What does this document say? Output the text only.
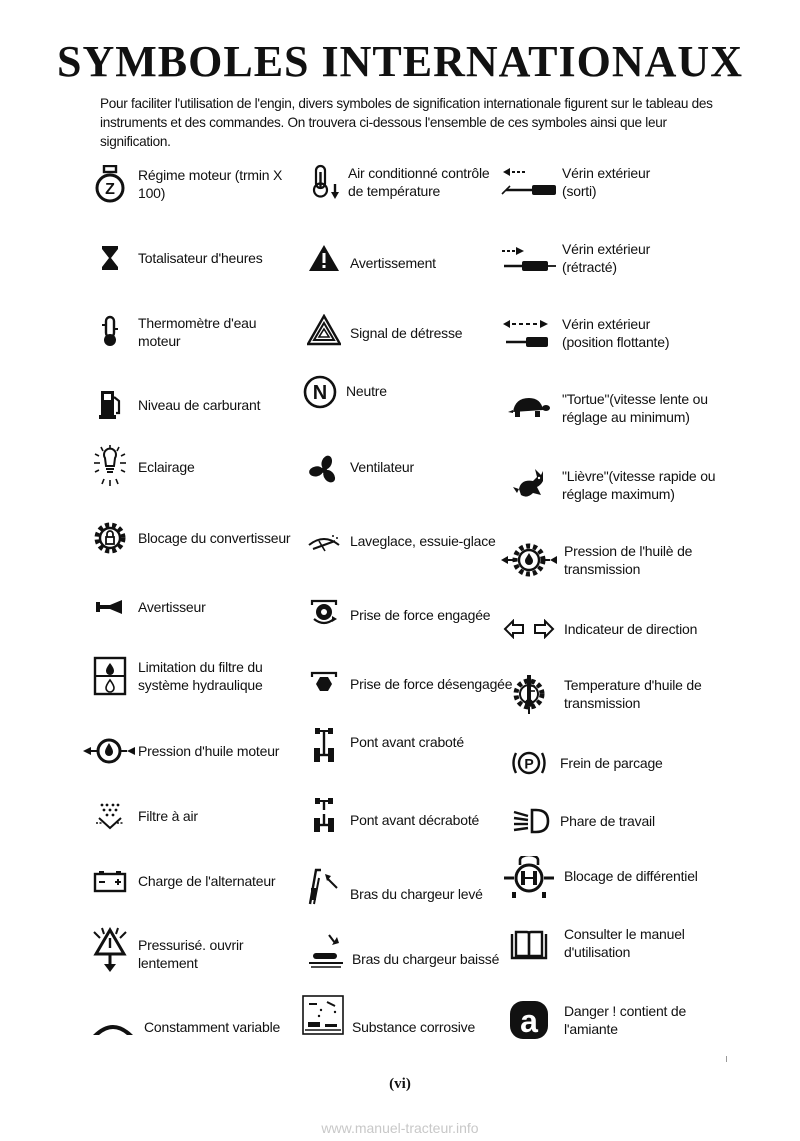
SYMBOLES INTERNATIONAUX

Pour faciliter l'utilisation de l'engin, divers symboles de signification internationale figurent sur le tableau des instruments et des commandes. On trouvera ci-dessous l'ensemble de ces symboles ainsi que leur signification.

Z
Régime moteur (trmin X 100)
Totalisateur d'heures
Thermomètre d'eau moteur
Niveau de carburant
Eclairage
Blocage du convertisseur
Avertisseur
Limitation du filtre du système hydraulique
Pression d'huile moteur
Filtre à air
Charge de l'alternateur
Pressurisé. ouvrir lentement
Constamment variable
Air conditionné contrôle de température
Avertissement
Signal de détresse
N Neutre
Ventilateur
Laveglace, essuie-glace
Prise de force engagée
Prise de force désengagée
Pont avant craboté
Pont avant décraboté
Bras du chargeur levé
Bras du chargeur baissé
Substance corrosive
Vérin extérieur (sorti)
Vérin extérieur (rétracté)
Vérin extérieur (position flottante)
"Tortue"(vitesse lente ou réglage au minimum)
"Lièvre"(vitesse rapide ou réglage maximum)
Pression de l'huilè de transmission
Indicateur de direction
Temperature d'huile de transmission
P Frein de parcage
Phare de travail
Blocage de différentiel
Consulter le manuel d'utilisation
a Danger ! contient de l'amiante
(vi)
www.manuel-tracteur.info
